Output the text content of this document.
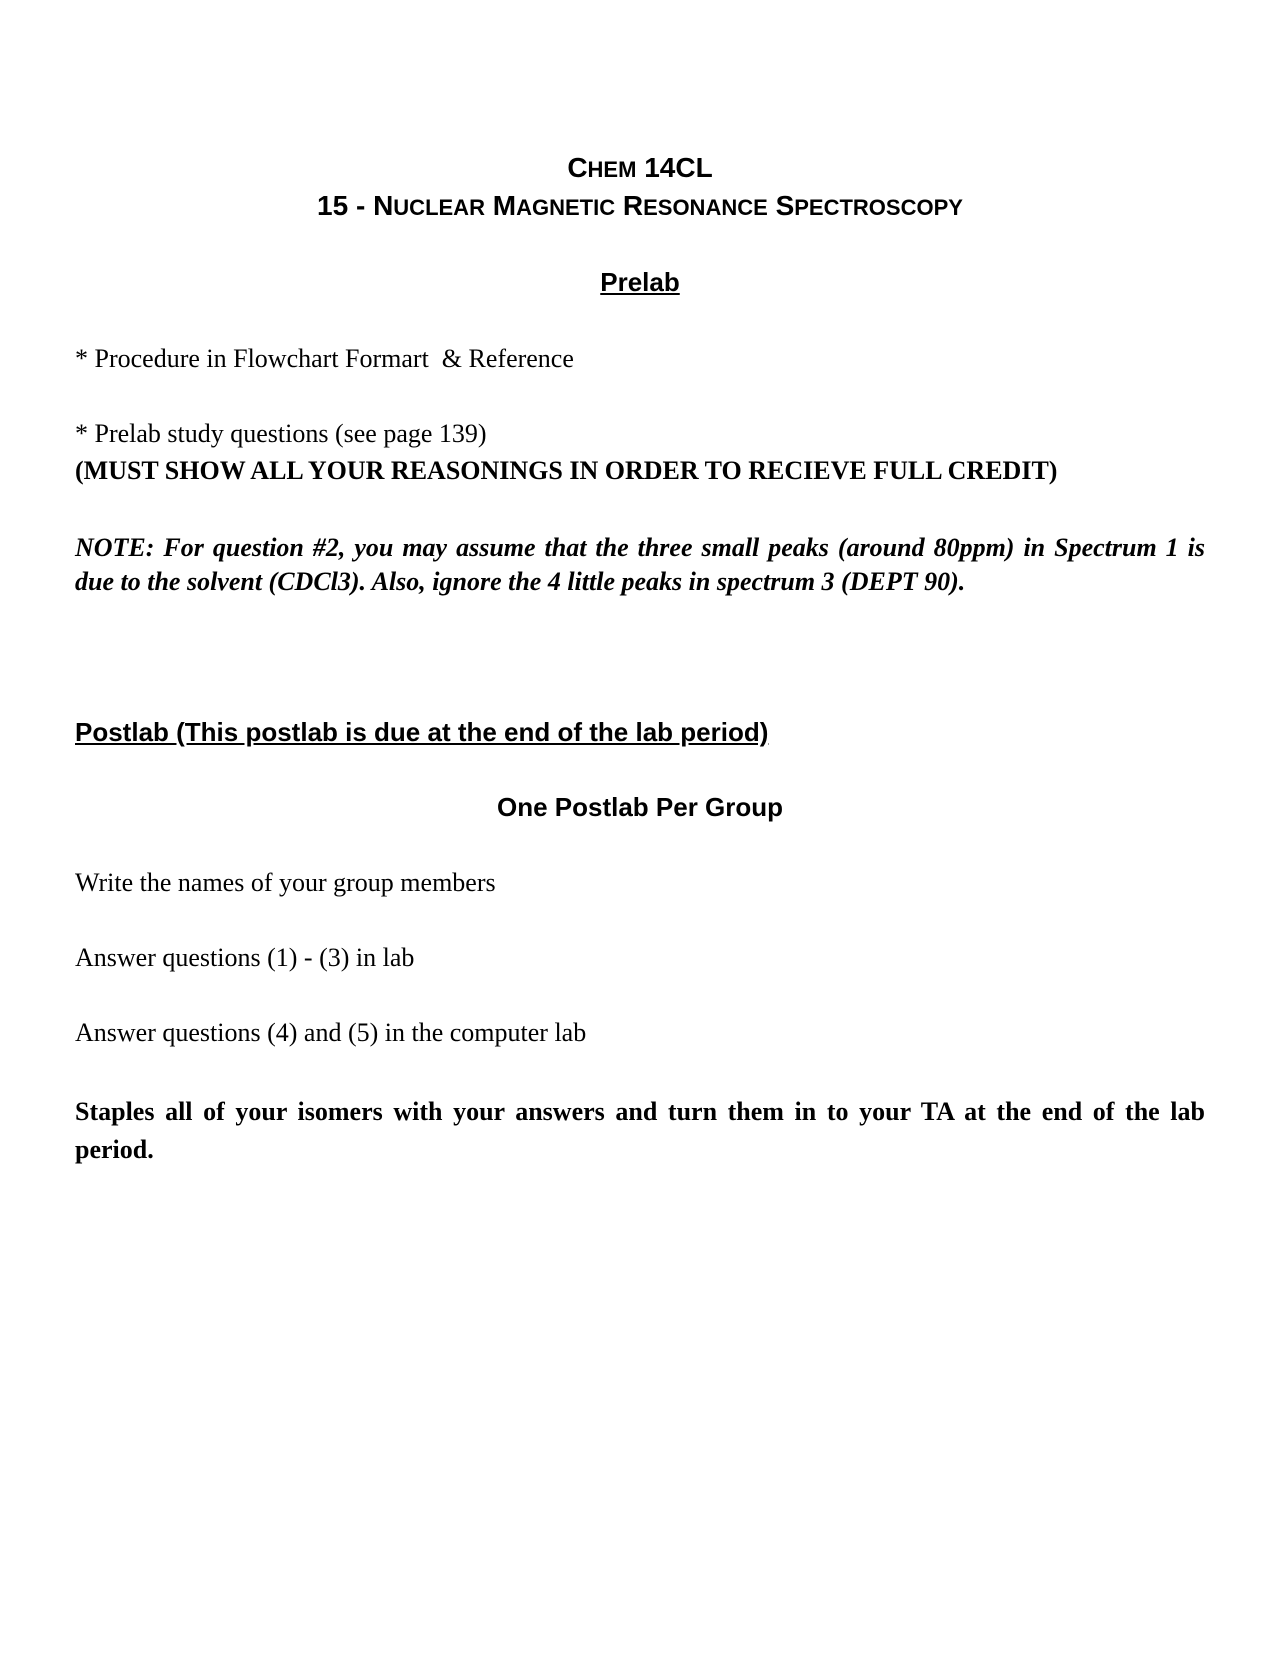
CHEM 14CL
15 - NUCLEAR MAGNETIC RESONANCE SPECTROSCOPY
Prelab

* Procedure in Flowchart Formart  & Reference

* Prelab study questions (see page 139)

(MUST SHOW ALL YOUR REASONINGS IN ORDER TO RECIEVE FULL CREDIT)

NOTE: For question #2, you may assume that the three small peaks (around 80ppm) in Spectrum 1 is due to the solvent (CDCl3). Also, ignore the 4 little peaks in spectrum 3 (DEPT 90).

Postlab (This postlab is due at the end of the lab period)
One Postlab Per Group

Write the names of your group members

Answer questions (1) - (3) in lab

Answer questions (4) and (5) in the computer lab

Staples all of your isomers with your answers and turn them in to your TA at the end of the lab period.
